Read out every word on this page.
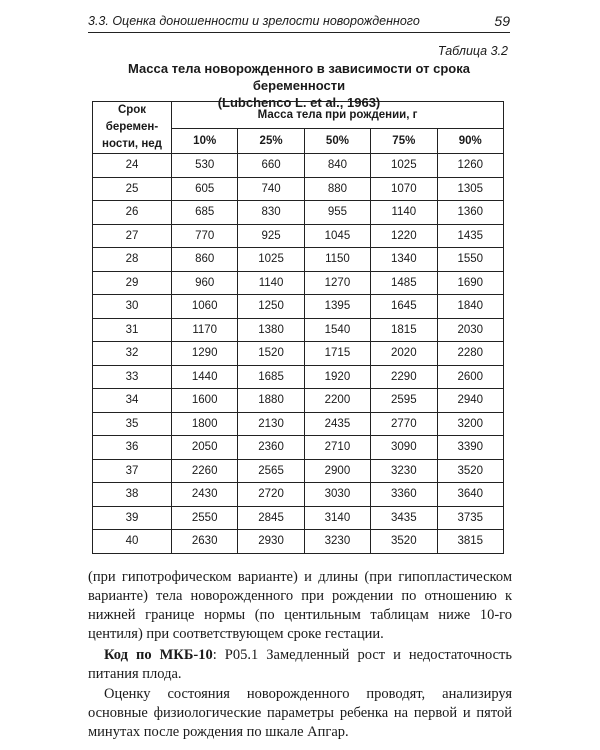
3.3. Оценка доношенности и зрелости новорожденного	59
Таблица 3.2
Масса тела новорожденного в зависимости от срока беременности
(Lubchenco L. et al., 1963)
Срок беремен-
ности, нед	Масса тела при рождении, г				
	10%	25%	50%	75%	90%
24	530	660	840	1025	1260
25	605	740	880	1070	1305
26	685	830	955	1140	1360
27	770	925	1045	1220	1435
28	860	1025	1150	1340	1550
29	960	1140	1270	1485	1690
30	1060	1250	1395	1645	1840
31	1170	1380	1540	1815	2030
32	1290	1520	1715	2020	2280
33	1440	1685	1920	2290	2600
34	1600	1880	2200	2595	2940
35	1800	2130	2435	2770	3200
36	2050	2360	2710	3090	3390
37	2260	2565	2900	3230	3520
38	2430	2720	3030	3360	3640
39	2550	2845	3140	3435	3735
40	2630	2930	3230	3520	3815
(при гипотрофическом варианте) и длины (при гипопластическом варианте) тела новорожденного при рождении по отношению к нижней границе нормы (по центильным таблицам ниже 10-го центиля) при соответствующем сроке гестации.
Код по МКБ-10: P05.1 Замедленный рост и недостаточность питания плода.
Оценку состояния новорожденного проводят, анализируя основные физиологические параметры ребенка на первой и пятой минутах после рождения по шкале Апгар.
